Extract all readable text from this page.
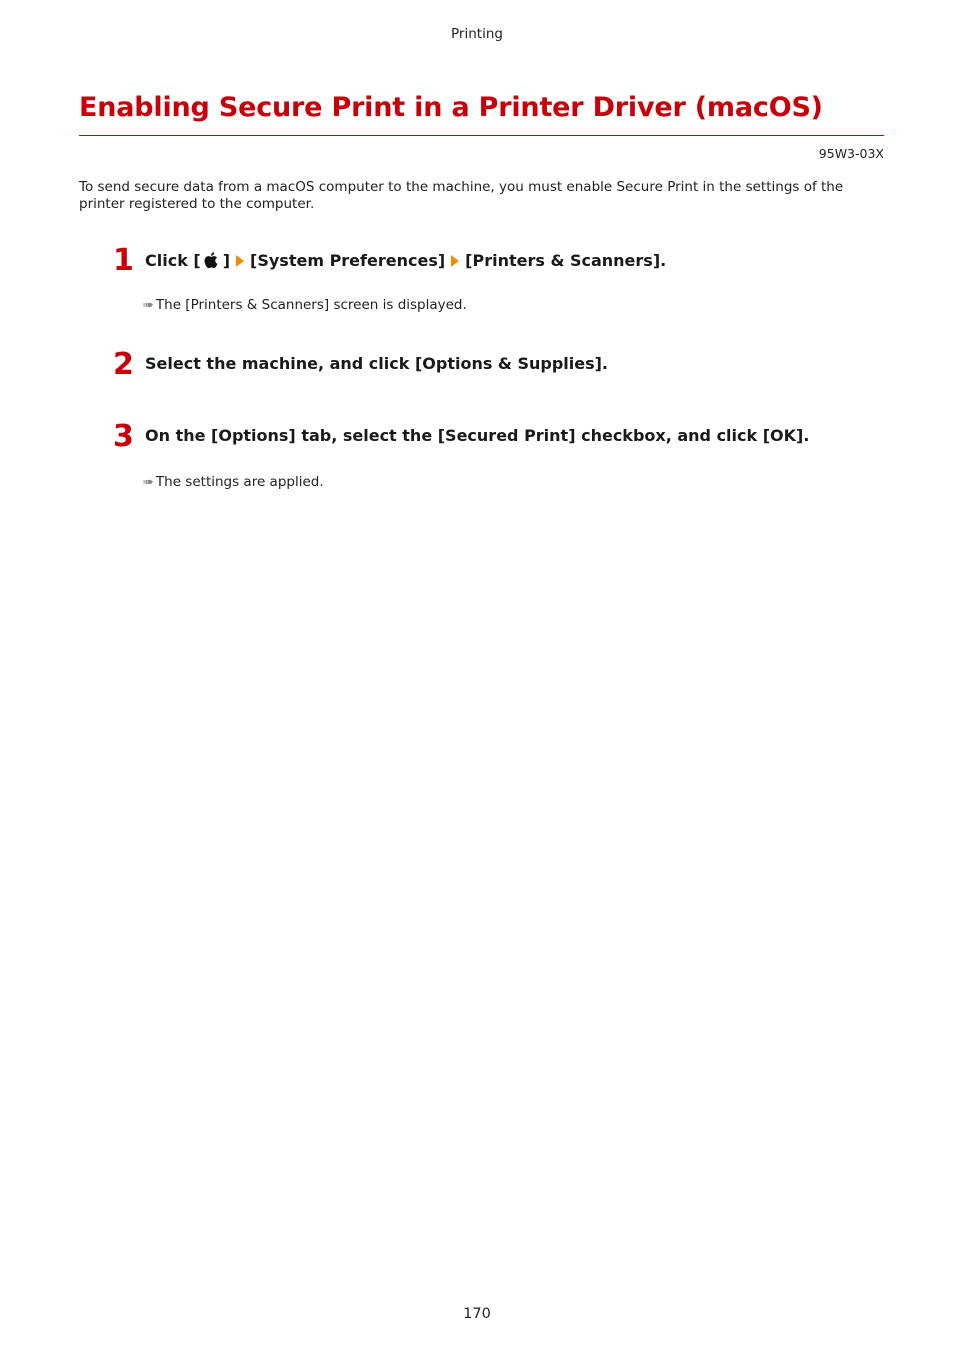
Printing
Enabling Secure Print in a Printer Driver (macOS)
95W3-03X

To send secure data from a macOS computer to the machine, you must enable Secure Print in the settings of the printer registered to the computer.

1 Click [ ] [System Preferences] [Printers & Scanners].
➠ The [Printers & Scanners] screen is displayed.
2 Select the machine, and click [Options & Supplies].
3 On the [Options] tab, select the [Secured Print] checkbox, and click [OK].
➠ The settings are applied.
170
